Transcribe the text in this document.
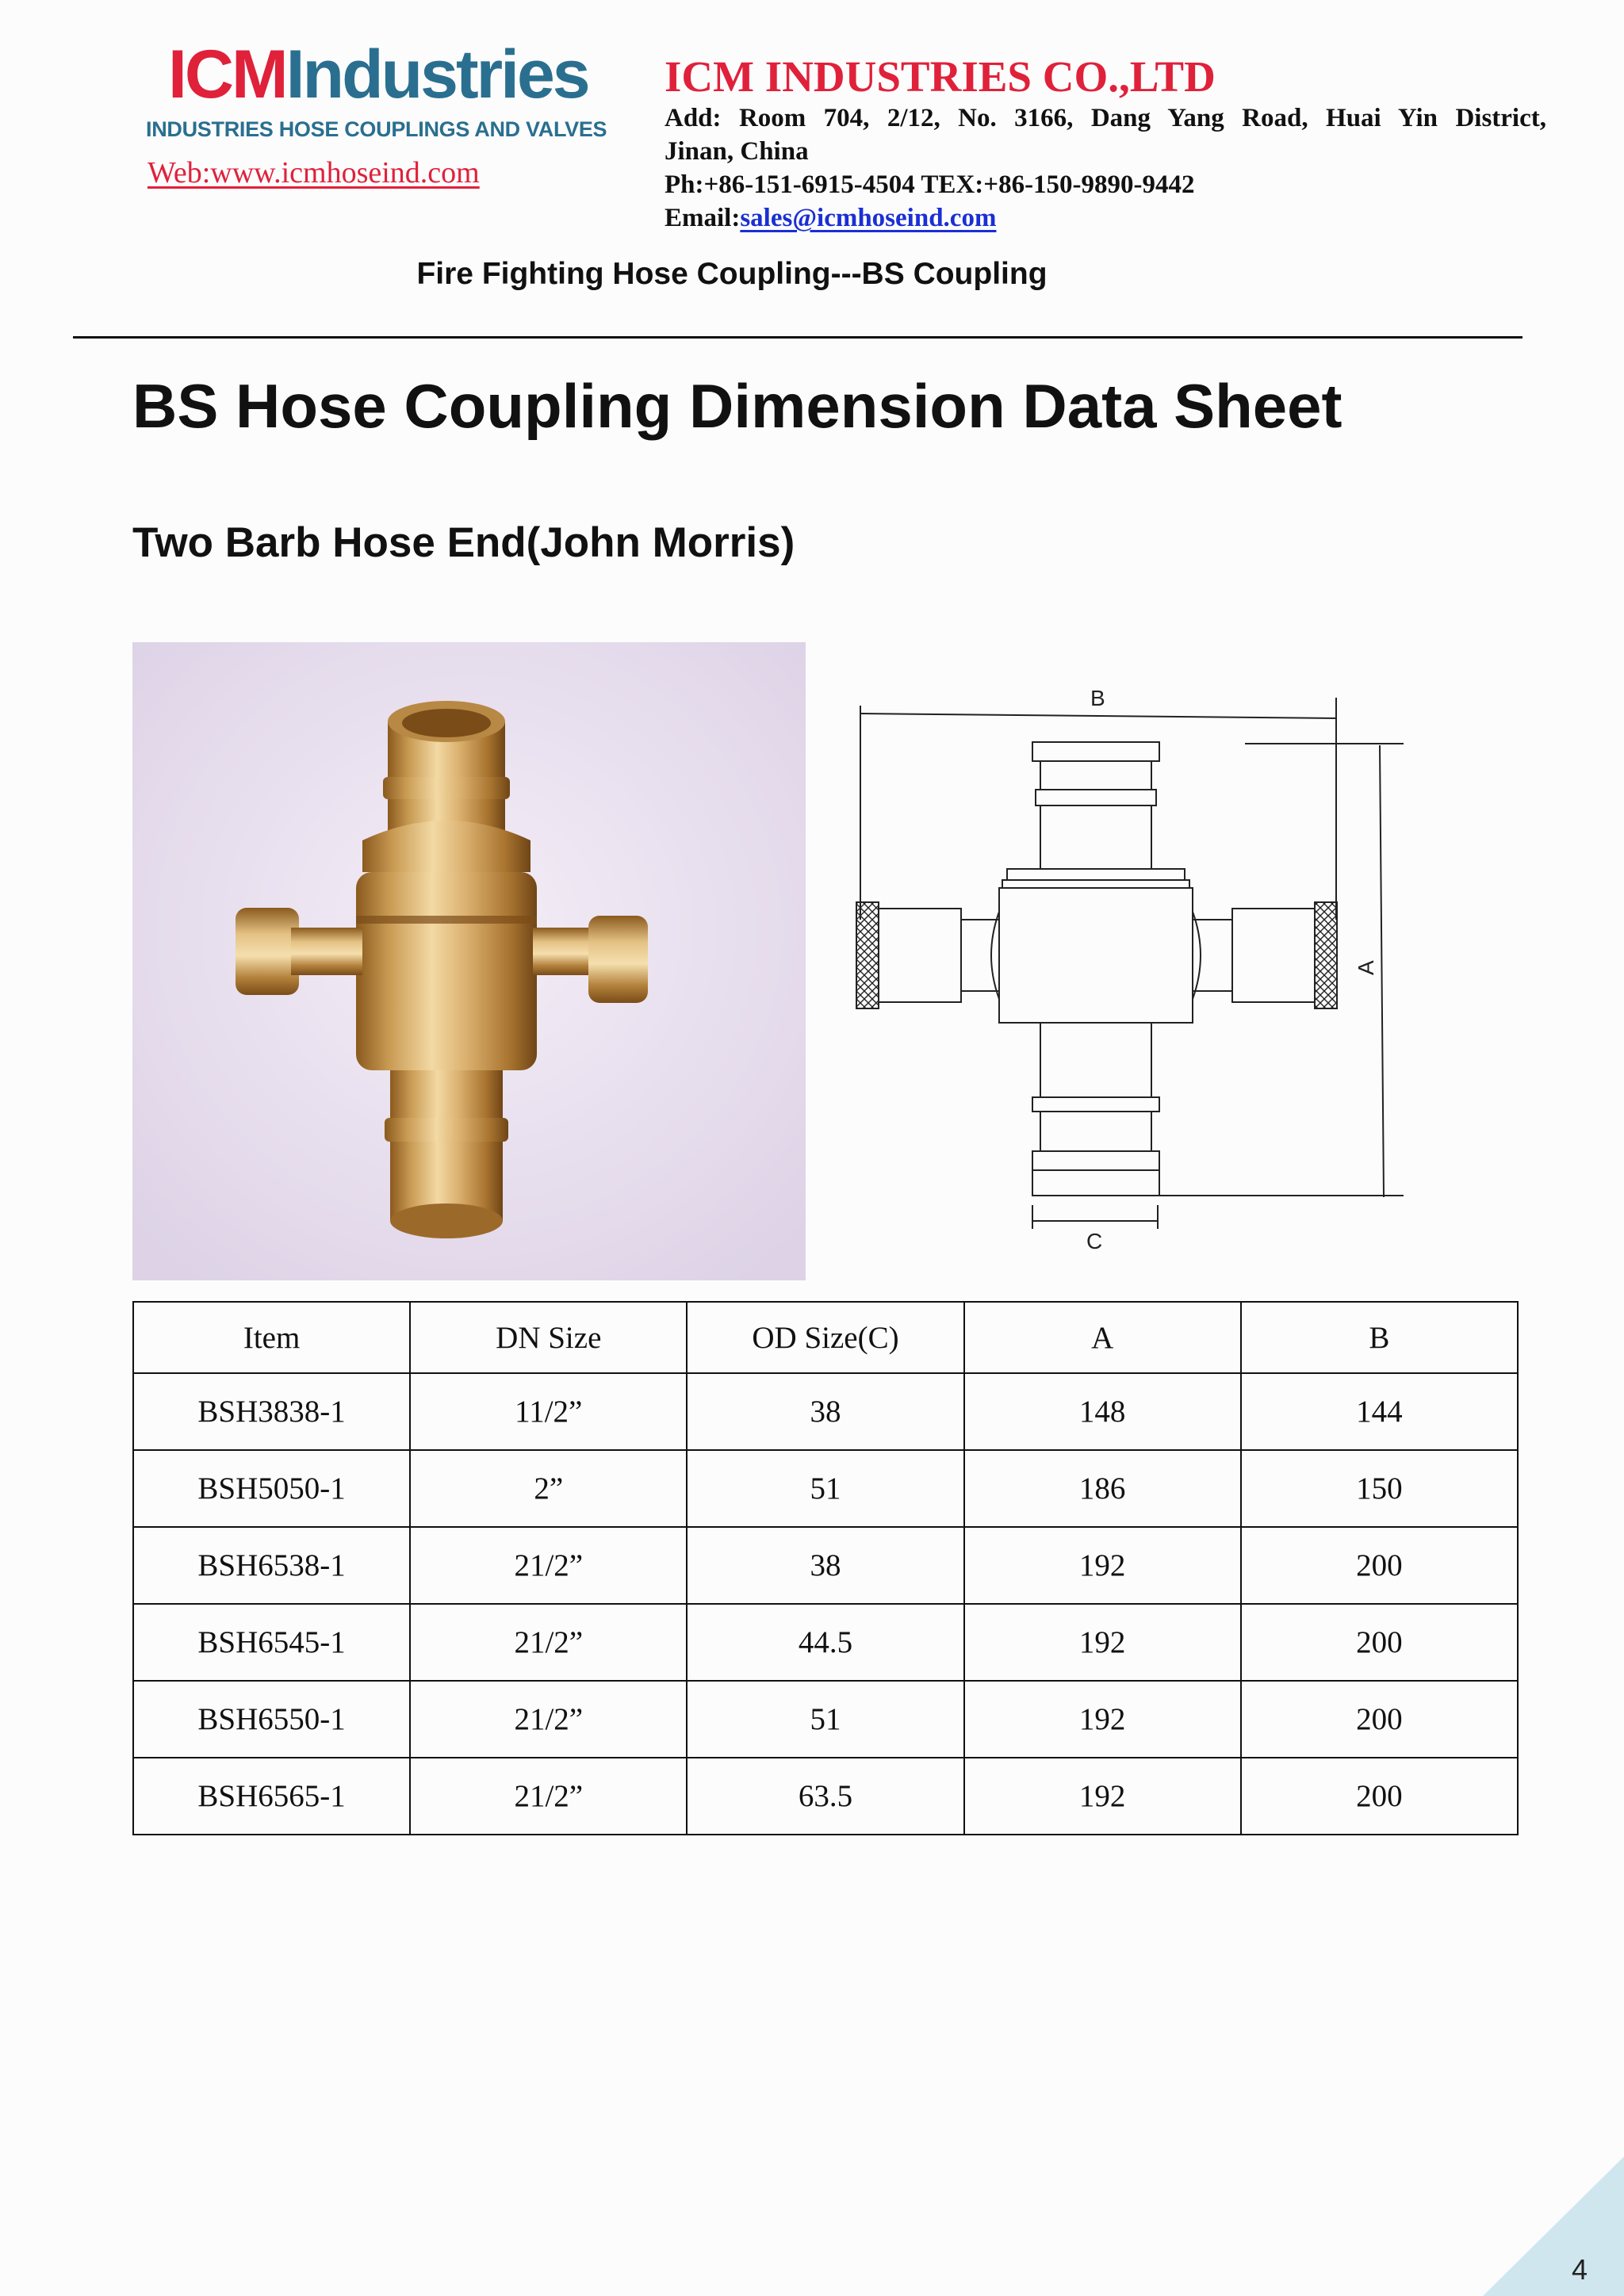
ICMIndustries
INDUSTRIES HOSE COUPLINGS AND VALVES
Web:www.icmhoseind.com
ICM INDUSTRIES CO.,LTD
Add: Room 704, 2/12, No. 3166, Dang Yang Road, Huai Yin District,
Jinan, China
Ph:+86-151-6915-4504 TEX:+86-150-9890-9442
Email:sales@icmhoseind.com
Fire Fighting Hose Coupling---BS Coupling
BS Hose Coupling Dimension Data Sheet
Two Barb Hose End(John Morris)
B
A
C
Item	DN Size	OD Size(C)	A	B
BSH3838-1	11/2”	38	148	144
BSH5050-1	2”	51	186	150
BSH6538-1	21/2”	38	192	200
BSH6545-1	21/2”	44.5	192	200
BSH6550-1	21/2”	51	192	200
BSH6565-1	21/2”	63.5	192	200
4
